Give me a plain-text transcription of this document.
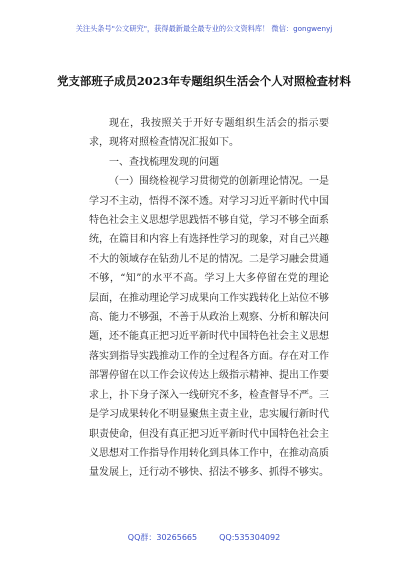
关注头条号"公文研究"，获得最新最全最专业的公文资料库！ 微信：gongwenyj
党支部班子成员2023年专题组织生活会个人对照检查材料

现在，我按照关于开好专题组织生活会的指示要求，现将对照检查情况汇报如下。

一、查找梳理发现的问题

（一）围绕检视学习贯彻党的创新理论情况。一是学习不主动，悟得不深不透。对学习习近平新时代中国特色社会主义思想学思践悟不够自觉，学习不够全面系统，在篇目和内容上有选择性学习的现象，对自己兴趣不大的领域存在钻劲儿不足的情况。二是学习融会贯通不够，“知”的水平不高。学习上大多停留在党的理论层面，在推动理论学习成果向工作实践转化上站位不够高、能力不够强，不善于从政治上观察、分析和解决问题，还不能真正把习近平新时代中国特色社会主义思想落实到指导实践推动工作的全过程各方面。存在对工作部署停留在以工作会议传达上级指示精神、提出工作要求上，扑下身子深入一线研究不多，检查督导不严。三是学习成果转化不明显聚焦主责主业，忠实履行新时代职责使命，但没有真正把习近平新时代中国特色社会主义思想对工作指导作用转化到具体工作中，在推动高质量发展上，迁行动不够快、招法不够多、抓得不够实。

QQ群：30265665	QQ:535304092
